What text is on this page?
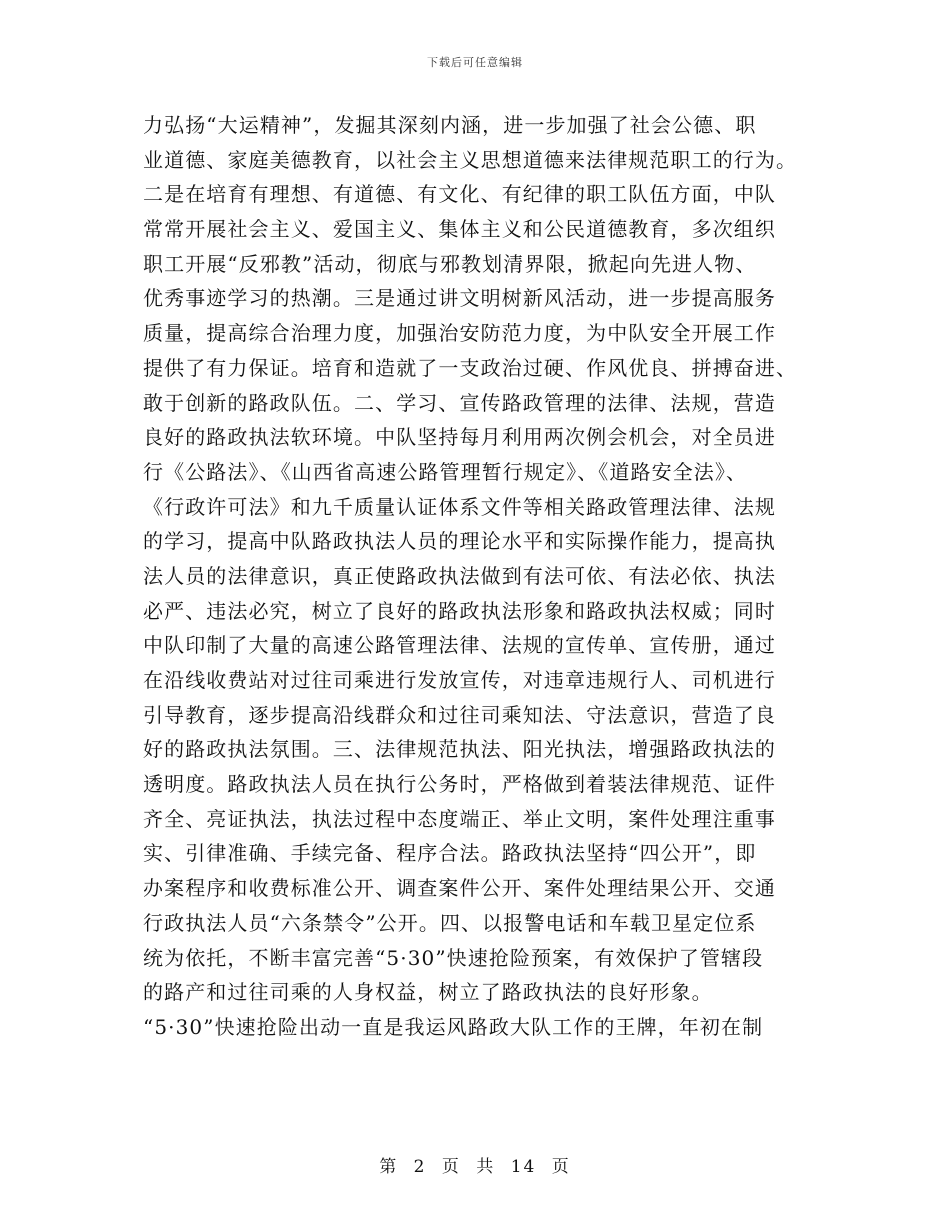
下载后可任意编辑
力弘扬“大运精神”，发掘其深刻内涵，进一步加强了社会公德、职
业道德、家庭美德教育，以社会主义思想道德来法律规范职工的行为。
二是在培育有理想、有道德、有文化、有纪律的职工队伍方面，中队
常常开展社会主义、爱国主义、集体主义和公民道德教育，多次组织
职工开展“反邪教”活动，彻底与邪教划清界限，掀起向先进人物、
优秀事迹学习的热潮。三是通过讲文明树新风活动，进一步提高服务
质量，提高综合治理力度，加强治安防范力度，为中队安全开展工作
提供了有力保证。培育和造就了一支政治过硬、作风优良、拼搏奋进、
敢于创新的路政队伍。二、学习、宣传路政管理的法律、法规，营造
良好的路政执法软环境。中队坚持每月利用两次例会机会，对全员进
行《公路法》、《山西省高速公路管理暂行规定》、《道路安全法》、
《行政许可法》和九千质量认证体系文件等相关路政管理法律、法规
的学习，提高中队路政执法人员的理论水平和实际操作能力，提高执
法人员的法律意识，真正使路政执法做到有法可依、有法必依、执法
必严、违法必究，树立了良好的路政执法形象和路政执法权威；同时
中队印制了大量的高速公路管理法律、法规的宣传单、宣传册，通过
在沿线收费站对过往司乘进行发放宣传，对违章违规行人、司机进行
引导教育，逐步提高沿线群众和过往司乘知法、守法意识，营造了良
好的路政执法氛围。三、法律规范执法、阳光执法，增强路政执法的
透明度。路政执法人员在执行公务时，严格做到着装法律规范、证件
齐全、亮证执法，执法过程中态度端正、举止文明，案件处理注重事
实、引律准确、手续完备、程序合法。路政执法坚持“四公开”，即
办案程序和收费标准公开、调查案件公开、案件处理结果公开、交通
行政执法人员“六条禁令”公开。四、以报警电话和车载卫星定位系
统为依托，不断丰富完善“5·30”快速抢险预案，有效保护了管辖段
的路产和过往司乘的人身权益，树立了路政执法的良好形象。
“5·30”快速抢险出动一直是我运风路政大队工作的王牌，年初在制
第 2 页 共 14 页
